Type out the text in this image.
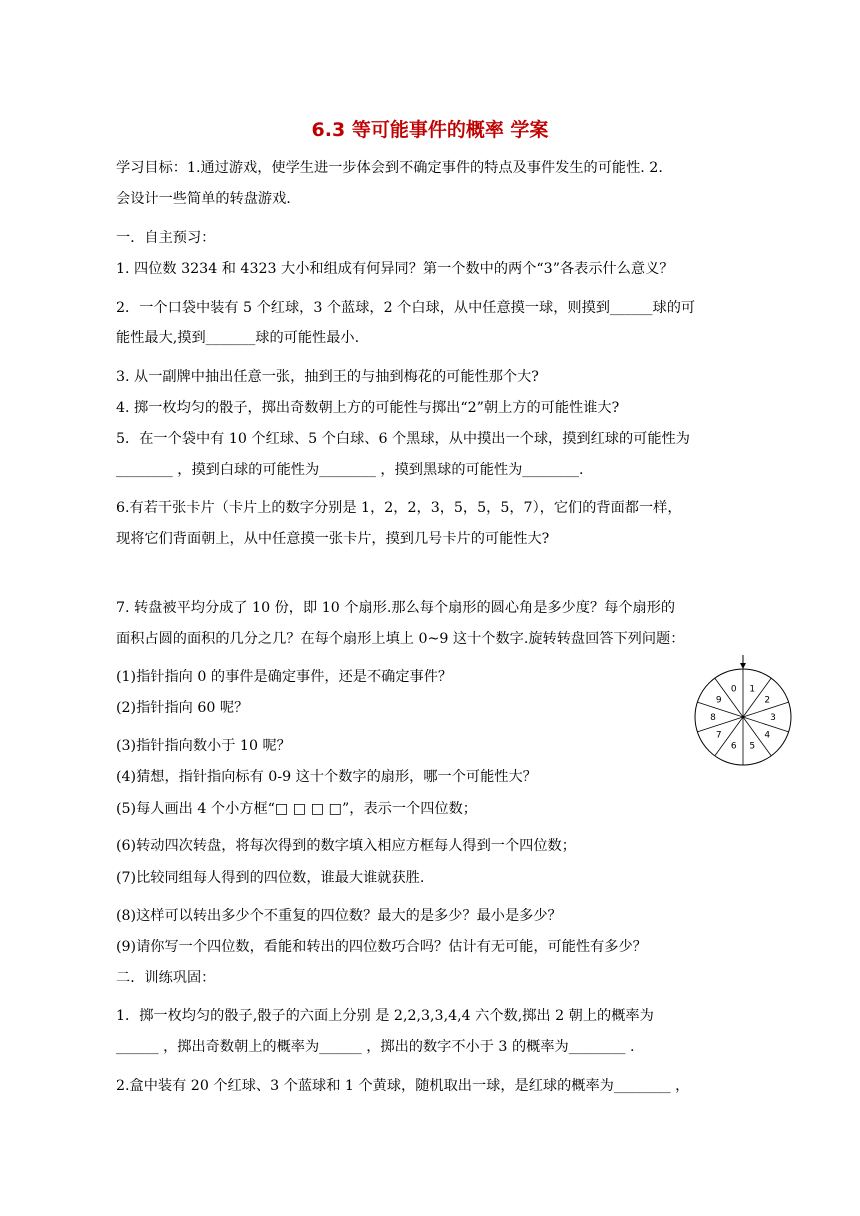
6.3 等可能事件的概率 学案
学习目标：1.通过游戏，使学生进一步体会到不确定事件的特点及事件发生的可能性. 2.
会设计一些简单的转盘游戏.
一．自主预习：
1. 四位数 3234 和 4323 大小和组成有何异同？第一个数中的两个“3”各表示什么意义？
2．一个口袋中装有 5 个红球，3 个蓝球，2 个白球，从中任意摸一球，则摸到______球的可
能性最大,摸到_______球的可能性最小.
3. 从一副牌中抽出任意一张，抽到王的与抽到梅花的可能性那个大?
4. 掷一枚均匀的骰子，掷出奇数朝上方的可能性与掷出“2”朝上方的可能性谁大?
5．在一个袋中有 10 个红球、5 个白球、6 个黑球，从中摸出一个球，摸到红球的可能性为
________ ，摸到白球的可能性为________ ，摸到黑球的可能性为________.
6.有若干张卡片（卡片上的数字分别是 1，2，2，3，5，5，5，7），它们的背面都一样，
现将它们背面朝上，从中任意摸一张卡片，摸到几号卡片的可能性大?
7. 转盘被平均分成了 10 份，即 10 个扇形.那么每个扇形的圆心角是多少度？每个扇形的
面积占圆的面积的几分之几？在每个扇形上填上 0~9 这十个数字.旋转转盘回答下列问题：
(1)指针指向 0 的事件是确定事件，还是不确定事件？
(2)指针指向 60 呢？
(3)指针指向数小于 10 呢？
(4)猜想，指针指向标有 0-9 这十个数字的扇形，哪一个可能性大？
(5)每人画出 4 个小方框“□ □ □ □”，表示一个四位数；
(6)转动四次转盘，将每次得到的数字填入相应方框每人得到一个四位数；
(7)比较同组每人得到的四位数，谁最大谁就获胜.
(8)这样可以转出多少个不重复的四位数？最大的是多少？最小是多少？
(9)请你写一个四位数，看能和转出的四位数巧合吗？估计有无可能，可能性有多少？
二．训练巩固：
1．掷一枚均匀的骰子,骰子的六面上分别 是 2,2,3,3,4,4 六个数,掷出 2 朝上的概率为
______ ，掷出奇数朝上的概率为______ ，掷出的数字不小于 3 的概率为________ .
2.盒中装有 20 个红球、3 个蓝球和 1 个黄球，随机取出一球，是红球的概率为________ ，
1
2
3
4
5
6
7
8
9
0
